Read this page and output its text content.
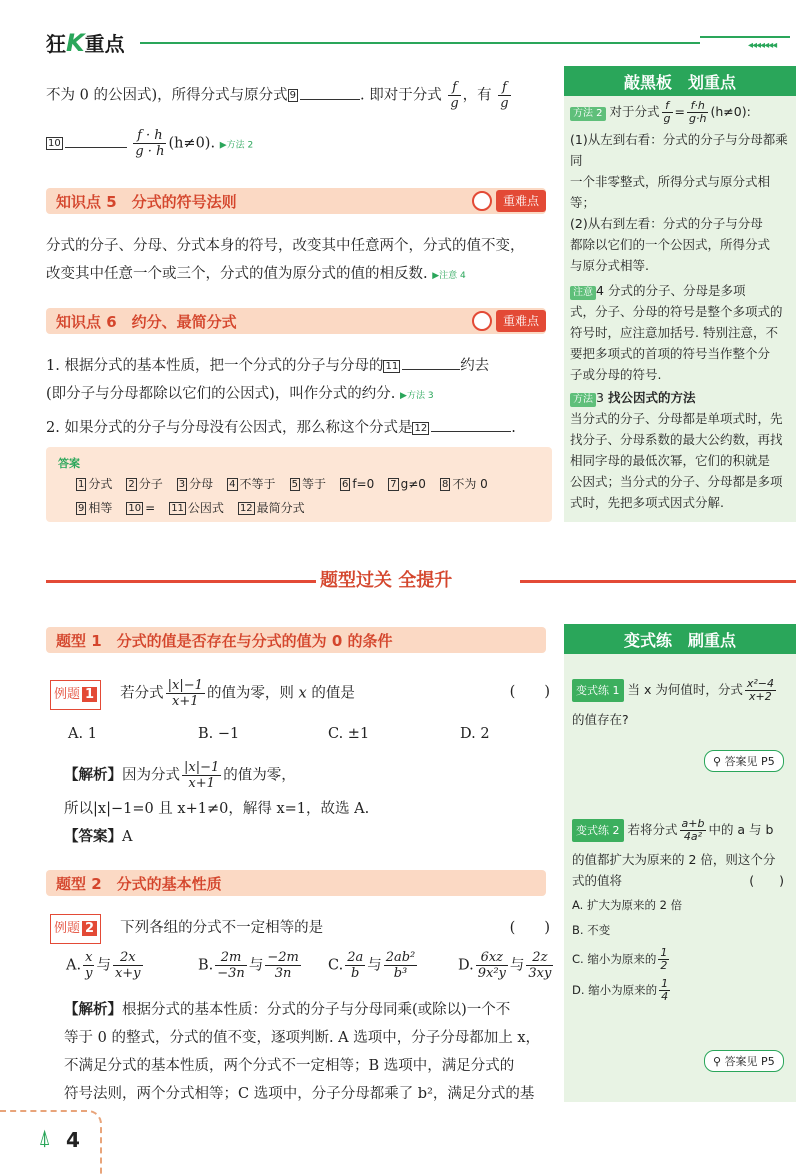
狂K重点	◂◂◂◂◂◂◂
不为 0 的公因式)，所得分式与原分式 9	. 即对于分式 $\frac{f}{g}$ ，有 $\frac{f}{g}$
10	$\frac{f \cdot h}{g \cdot h} (h\ne 0)$. ▶方法 2
知识点 5　分式的符号法则	重难点
分式的分子、分母、分式本身的符号，改变其中任意两个，分式的值不变，
改变其中任意一个或三个，分式的值为原分式的值的相反数. ▶注意 4
知识点 6　约分、最简分式	重难点
1. 根据分式的基本性质，把一个分式的分子与分母的 11	约去
(即分子与分母都除以它们的公因式)，叫作分式的约分. ▶方法 3
2. 如果分式的分子与分母没有公因式，那么称这个分式是 12	.
答案
1 分式 2 分子 3 分母 4 不等于 5 等于 6 f=0 7 g≠0 8 不为 0
9 相等 10 = 11 公因式 12 最简分式
敲黑板　划重点
方法 2 对于分式 $\frac{f}{g} = \frac{f\cdot h}{g\cdot h} (h\ne 0)$:
(1)从左到右看：分式的分子与分母都乘同
一个非零整式，所得分式与原分式相等；
(2)从右到左看：分式的分子与分母
都除以它们的一个公因式，所得分式
与原分式相等.
注意 4 分式的分子、分母是多项
式，分子、分母的符号是整个多项式的
符号时，应注意加括号. 特别注意，不
要把多项式的首项的符号当作整个分
子或分母的符号.
方法 3 找公因式的方法
当分式的分子、分母都是单项式时，先
找分子、分母系数的最大公约数，再找
相同字母的最低次幂，它们的积就是
公因式；当分式的分子、分母都是多项
式时，先把多项式因式分解.
题型过关 全提升
题型 1　分式的值是否存在与分式的值为 0 的条件
例题 1 　 若分式 $\frac{|x|-1}{x+1}$ 的值为零，则 x 的值是	(　　)
A. 1	B. −1	C. ±1	D. 2
【解析】因为分式 $\frac{|x|-1}{x+1}$ 的值为零，
所以|x|−1=0 且 x+1≠0，解得 x=1，故选 A.
【答案】A
题型 2　分式的基本性质
例题 2 　 下列各组的分式不一定相等的是	(　　)
A. $\frac{x}{y}$ 与 $\frac{2x}{x+y}$	B. $\frac{2m}{-3n}$ 与 $\frac{-2m}{3n} C$. $\frac{2a}{b}$ 与 $\frac{\text{2ab²}}{\text{b³}}$	D. $\frac{6xz}{\text{9x²y}}$ 与 $\frac{2z}{3xy}$
【解析】根据分式的基本性质：分式的分子与分母同乘(或除以)一个不
等于 0 的整式，分式的值不变，逐项判断. A 选项中，分子分母都加上 x，
不满足分式的基本性质，两个分式不一定相等；B 选项中，满足分式的
符号法则，两个分式相等；C 选项中，分子分母都乘了 b²，满足分式的基
变式练　刷重点
变式练 1 当 x 为何值时，分式 $\frac{\text{x²−4}}{x+2}$
的值存在?
⚲ 答案见 P5
变式练 2 若将分式 $\frac{a+b}{\text{4a²}}$ 中的 a 与 b
的值都扩大为原来的 2 倍，则这个分
式的值将	(　　)
A. 扩大为原来的 2 倍
B. 不变
C. 缩小为原来的 $\frac{1}{2}$
D. 缩小为原来的 $\frac{1}{4}$
⚲ 答案见 P5
⍋ 4
